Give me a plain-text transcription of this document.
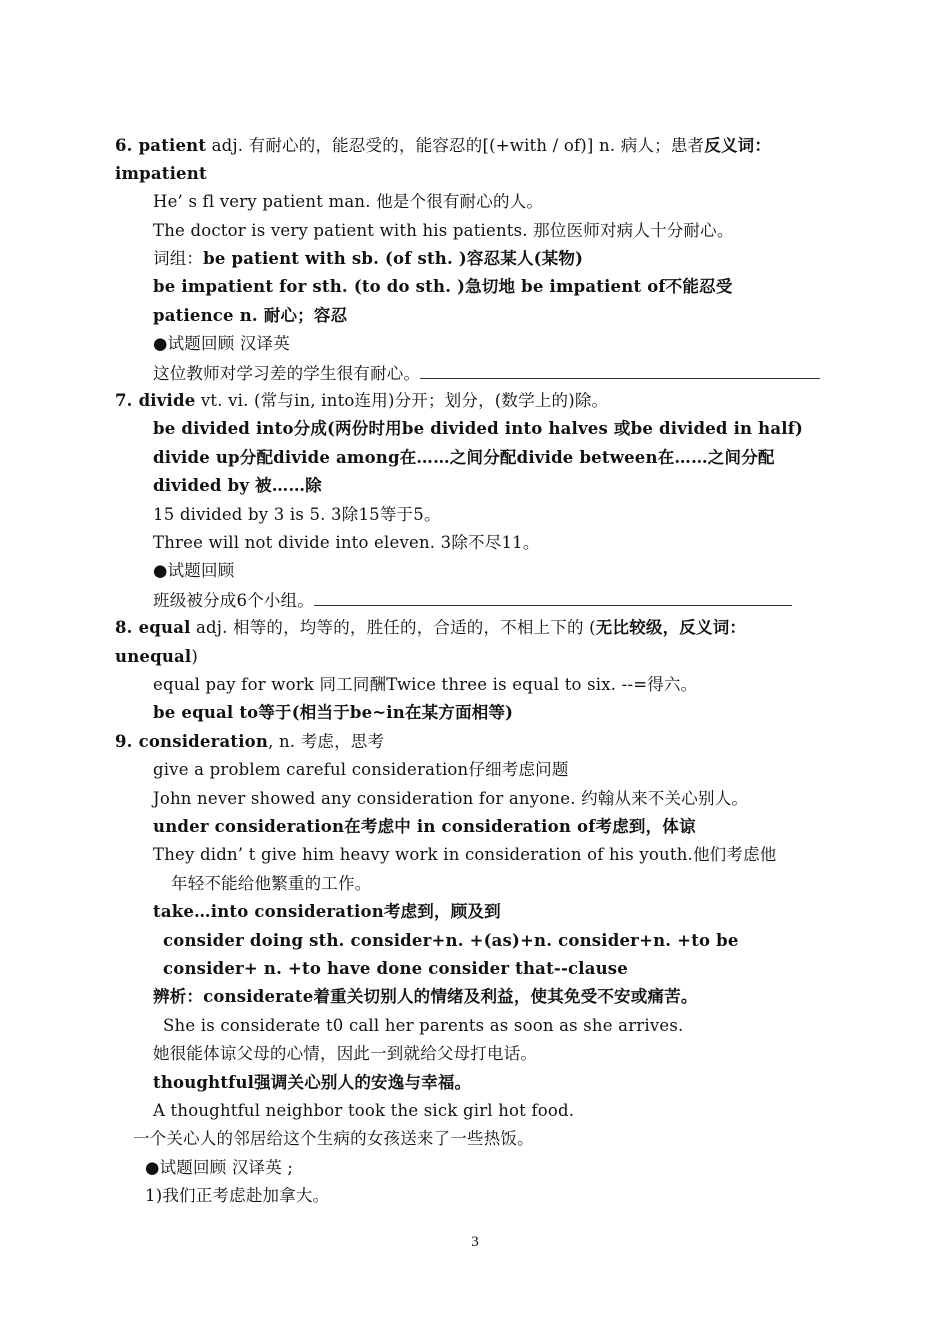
6. patient adj. 有耐心的，能忍受的，能容忍的[(+with / of)] n. 病人；患者反义词：
impatient
He’ s fl very patient man. 他是个很有耐心的人。
The doctor is very patient with his patients. 那位医师对病人十分耐心。
词组：be patient with sb. (of sth. )容忍某人(某物)
be impatient for sth. (to do sth. )急切地 be impatient of不能忍受
patience n. 耐心；容忍
●试题回顾 汉译英
这位教师对学习差的学生很有耐心。
7. divide vt. vi. (常与in, into连用)分开；划分，(数学上的)除。
be divided into分成(两份时用be divided into halves 或be divided in half)
divide up分配divide among在……之间分配divide between在……之间分配
divided by 被……除
15 divided by 3 is 5. 3除15等于5。
Three will not divide into eleven. 3除不尽11。
●试题回顾
班级被分成6个小组。
8. equal adj. 相等的，均等的，胜任的，合适的，不相上下的 (无比较级，反义词：
unequal)
equal pay for work 同工同酬Twice three is equal to six. --=得六。
be equal to等于(相当于be~in在某方面相等)
9. consideration, n. 考虑，思考
give a problem careful consideration仔细考虑问题
John never showed any consideration for anyone. 约翰从来不关心别人。
under consideration在考虑中 in consideration of考虑到，体谅
They didn’ t give him heavy work in consideration of his youth.他们考虑他
年轻不能给他繁重的工作。
take…into consideration考虑到，顾及到
consider doing sth. consider+n. +(as)+n. consider+n. +to be
consider+ n. +to have done consider that--clause
辨析：considerate着重关切别人的情绪及利益，使其免受不安或痛苦。
She is considerate t0 call her parents as soon as she arrives.
她很能体谅父母的心情，因此一到就给父母打电话。
thoughtful强调关心别人的安逸与幸福。
A thoughtful neighbor took the sick girl hot food.
一个关心人的邻居给这个生病的女孩送来了一些热饭。
●试题回顾 汉译英 ;
1)我们正考虑赴加拿大。
3
